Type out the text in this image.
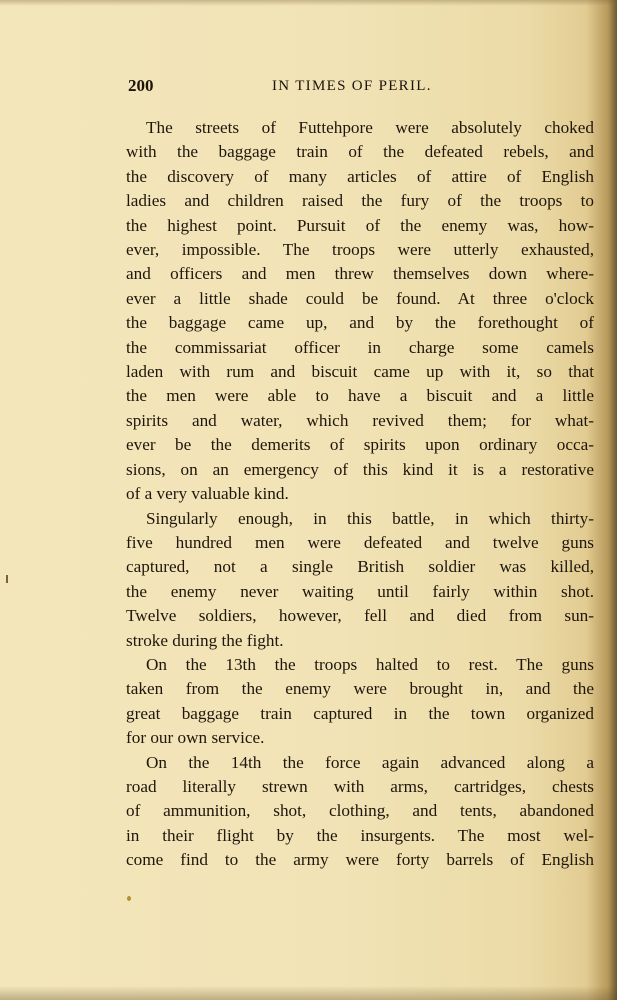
200	IN TIMES OF PERIL.
The streets of Futtehpore were absolutely choked
with the baggage train of the defeated rebels, and
the discovery of many articles of attire of English
ladies and children raised the fury of the troops to
the highest point. Pursuit of the enemy was, how-
ever, impossible. The troops were utterly exhausted,
and officers and men threw themselves down where-
ever a little shade could be found. At three o'clock
the baggage came up, and by the forethought of
the commissariat officer in charge some camels
laden with rum and biscuit came up with it, so that
the men were able to have a biscuit and a little
spirits and water, which revived them; for what-
ever be the demerits of spirits upon ordinary occa-
sions, on an emergency of this kind it is a restorative
of a very valuable kind.
Singularly enough, in this battle, in which thirty-
five hundred men were defeated and twelve guns
captured, not a single British soldier was killed,
the enemy never waiting until fairly within shot.
Twelve soldiers, however, fell and died from sun-
stroke during the fight.
On the 13th the troops halted to rest. The guns
taken from the enemy were brought in, and the
great baggage train captured in the town organized
for our own service.
On the 14th the force again advanced along a
road literally strewn with arms, cartridges, chests
of ammunition, shot, clothing, and tents, abandoned
in their flight by the insurgents. The most wel-
come find to the army were forty barrels of English
